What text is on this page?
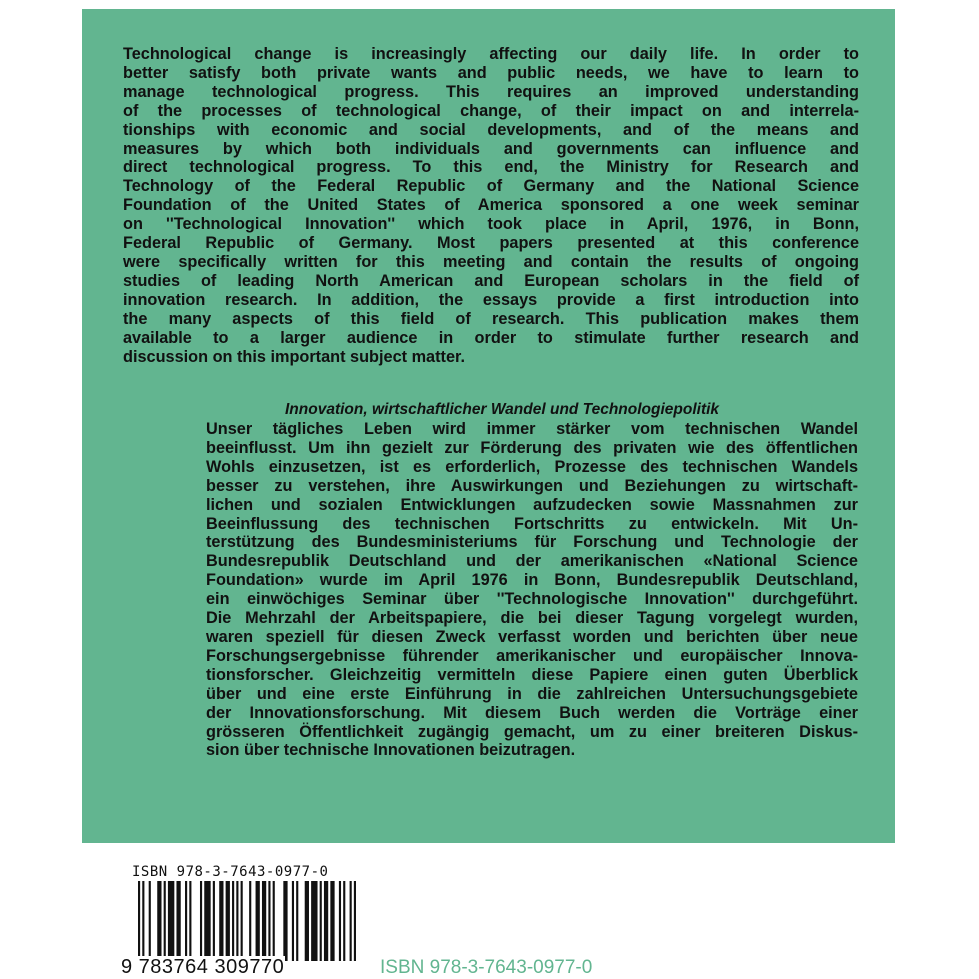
Technological change is increasingly affecting our daily life. In order to
better satisfy both private wants and public needs, we have to learn to
manage technological progress. This requires an improved understanding
of the processes of technological change, of their impact on and interrela-
tionships with economic and social developments, and of the means and
measures by which both individuals and governments can influence and
direct technological progress. To this end, the Ministry for Research and
Technology of the Federal Republic of Germany and the National Science
Foundation of the United States of America sponsored a one week seminar
on ''Technological Innovation'' which took place in April, 1976, in Bonn,
Federal Republic of Germany. Most papers presented at this conference
were specifically written for this meeting and contain the results of ongoing
studies of leading North American and European scholars in the field of
innovation research. In addition, the essays provide a first introduction into
the many aspects of this field of research. This publication makes them
available to a larger audience in order to stimulate further research and
discussion on this important subject matter.
Innovation, wirtschaftlicher Wandel und Technologiepolitik
Unser tägliches Leben wird immer stärker vom technischen Wandel
beeinflusst. Um ihn gezielt zur Förderung des privaten wie des öffentlichen
Wohls einzusetzen, ist es erforderlich, Prozesse des technischen Wandels
besser zu verstehen, ihre Auswirkungen und Beziehungen zu wirtschaft-
lichen und sozialen Entwicklungen aufzudecken sowie Massnahmen zur
Beeinflussung des technischen Fortschritts zu entwickeln. Mit Un-
terstützung des Bundesministeriums für Forschung und Technologie der
Bundesrepublik Deutschland und der amerikanischen «National Science
Foundation» wurde im April 1976 in Bonn, Bundesrepublik Deutschland,
ein einwöchiges Seminar über ''Technologische Innovation'' durchgeführt.
Die Mehrzahl der Arbeitspapiere, die bei dieser Tagung vorgelegt wurden,
waren speziell für diesen Zweck verfasst worden und berichten über neue
Forschungsergebnisse führender amerikanischer und europäischer Innova-
tionsforscher. Gleichzeitig vermitteln diese Papiere einen guten Überblick
über und eine erste Einführung in die zahlreichen Untersuchungsgebiete
der Innovationsforschung. Mit diesem Buch werden die Vorträge einer
grösseren Öffentlichkeit zugängig gemacht, um zu einer breiteren Diskus-
sion über technische Innovationen beizutragen.
ISBN 978-3-7643-0977-0
9 783764 309770	ISBN 978-3-7643-0977-0
